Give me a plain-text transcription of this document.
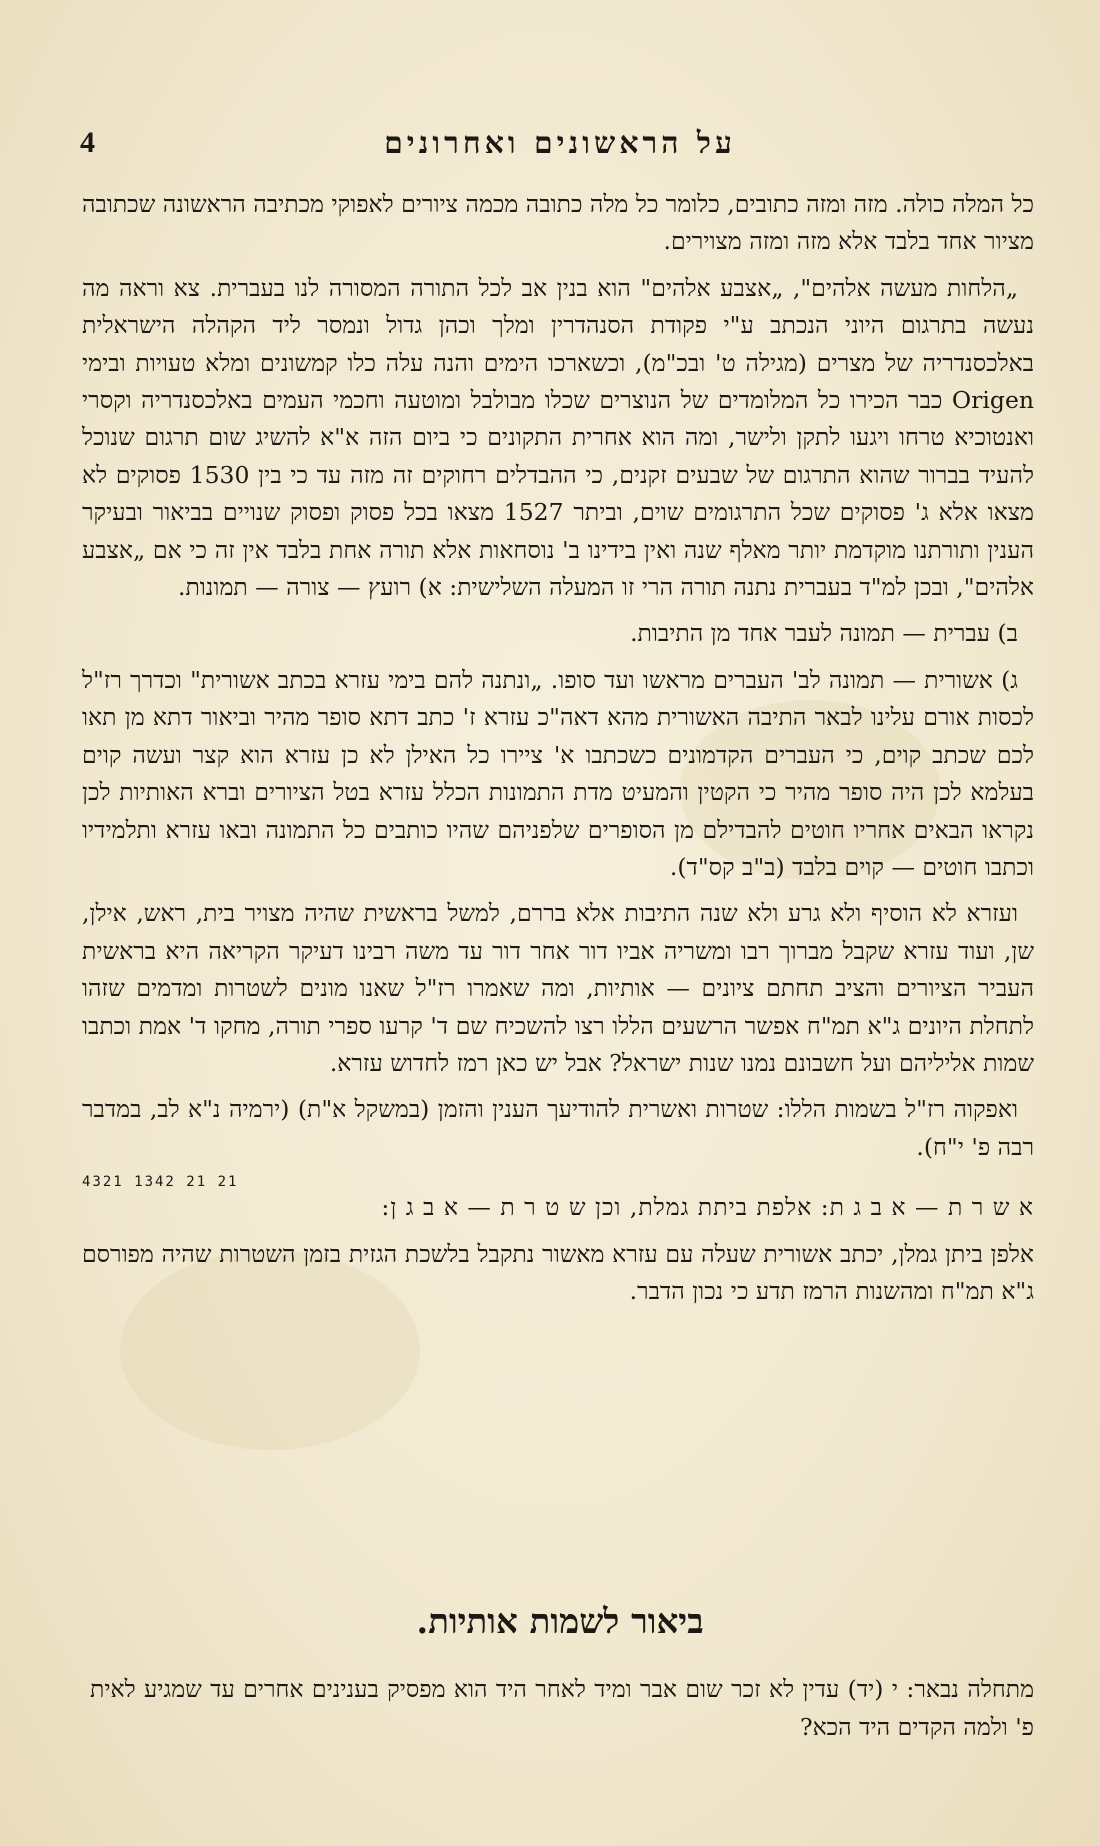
על הראשונים ואחרונים
4

כל המלה כולה. מזה ומזה כתובים, כלומר כל מלה כתובה מכמה ציורים לאפוקי מכתיבה הראשונה שכתובה מציור אחד בלבד אלא מזה ומזה מצוירים.

„הלחות מעשה אלהים", „אצבע אלהים" הוא בנין אב לכל התורה המסורה לנו בעברית. צא וראה מה נעשה בתרגום היוני הנכתב ע"י פקודת הסנהדרין ומלך וכהן גדול ונמסר ליד הקהלה הישראלית באלכסנדריה של מצרים (מגילה ט' ובכ"מ), וכשארכו הימים והנה עלה כלו קמשונים ומלא טעויות ובימי Origen כבר הכירו כל המלומדים של הנוצרים שכלו מבולבל ומוטעה וחכמי העמים באלכסנדריה וקסרי ואנטוכיא טרחו ויגעו לתקן ולישר, ומה הוא אחרית התקונים כי ביום הזה א"א להשיג שום תרגום שנוכל להעיד בברור שהוא התרגום של שבעים זקנים, כי ההבדלים רחוקים זה מזה עד כי בין 1530 פסוקים לא מצאו אלא ג' פסוקים שכל התרגומים שוים, וביתר 1527 מצאו בכל פסוק ופסוק שנויים בביאור ובעיקר הענין ותורתנו מוקדמת יותר מאלף שנה ואין בידינו ב' נוסחאות אלא תורה אחת בלבד אין זה כי אם „אצבע אלהים", ובכן למ"ד בעברית נתנה תורה הרי זו המעלה השלישית: א) רועץ — צורה — תמונות.

ב) עברית — תמונה לעבר אחד מן התיבות.

ג) אשורית — תמונה לב' העברים מראשו ועד סופו. „ונתנה להם בימי עזרא בכתב אשורית" וכדרך רז"ל לכסות אורם עלינו לבאר התיבה האשורית מהא דאה"כ עזרא ז' כתב דתא סופר מהיר וביאור דתא מן תאו לכם שכתב קוים, כי העברים הקדמונים כשכתבו א' ציירו כל האילן לא כן עזרא הוא קצר ועשה קוים בעלמא לכן היה סופר מהיר כי הקטין והמעיט מדת התמונות הכלל עזרא בטל הציורים וברא האותיות לכן נקראו הבאים אחריו חוטים להבדילם מן הסופרים שלפניהם שהיו כותבים כל התמונה ובאו עזרא ותלמידיו וכתבו חוטים — קוים בלבד (ב"ב קס"ד).

ועזרא לא הוסיף ולא גרע ולא שנה התיבות אלא בררם, למשל בראשית שהיה מצויר בית, ראש, אילן, שן, ועוד עזרא שקבל מברוך רבו ומשריה אביו דור אחר דור עד משה רבינו דעיקר הקריאה היא בראשית העביר הציורים והציב תחתם ציונים — אותיות, ומה שאמרו רז"ל שאנו מונים לשטרות ומדמים שזהו לתחלת היונים ג"א תמ"ח אפשר הרשעים הללו רצו להשכיח שם ד' קרעו ספרי תורה, מחקו ד' אמת וכתבו שמות אליליהם ועל חשבונם נמנו שנות ישראל? אבל יש כאן רמז לחדוש עזרא.

ואפקוה רז"ל בשמות הללו: שטרות ואשרית להודיעך הענין והזמן (במשקל א"ת) (ירמיה נ"א לב, במדבר רבה פ' י"ח).

4321 1342 21 21

א ש ר ת — א ב ג ת: אלפת ביתת גמלת, וכן ש ט ר ת — א ב ג ן:

אלפן ביתן גמלן, יכתב אשורית שעלה עם עזרא מאשור נתקבל בלשכת הגזית בזמן השטרות שהיה מפורסם ג"א תמ"ח ומהשנות הרמז תדע כי נכון הדבר.

ביאור לשמות אותיות.

מתחלה נבאר: י (יד) עדין לא זכר שום אבר ומיד לאחר היד הוא מפסיק בענינים אחרים עד שמגיע לאית פ' ולמה הקדים היד הכא?
